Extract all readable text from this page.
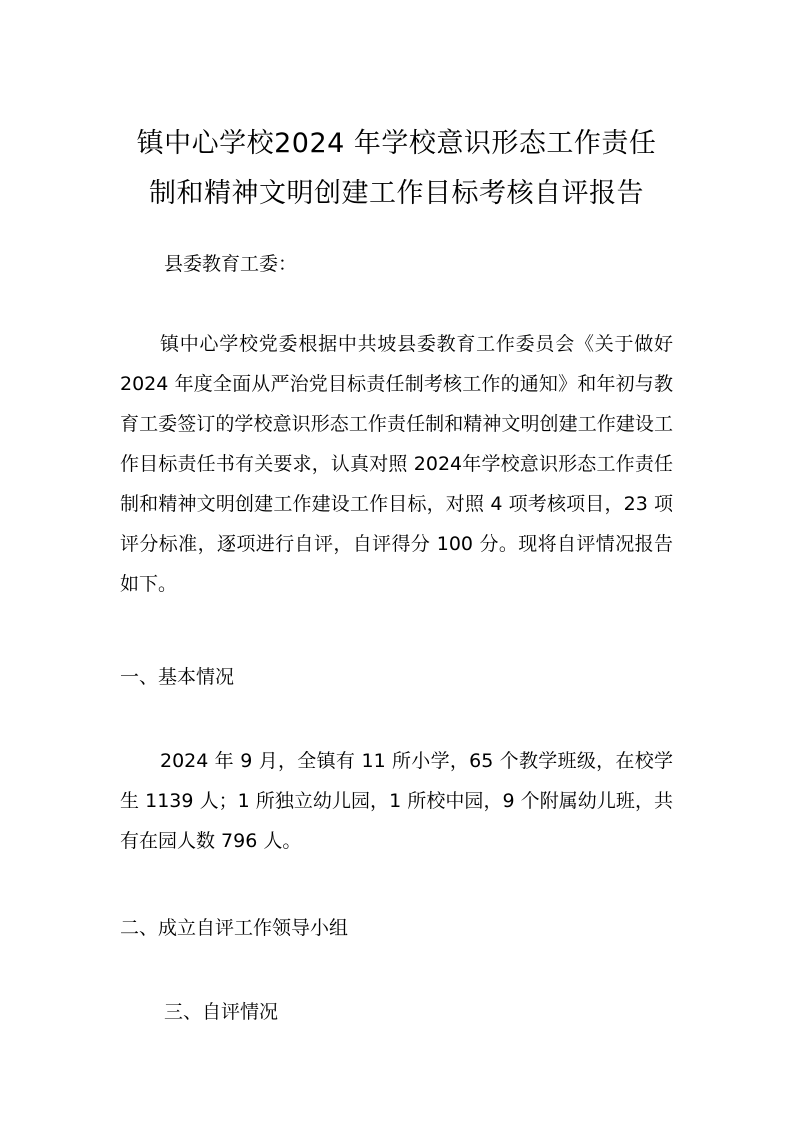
镇中心学校2024 年学校意识形态工作责任
制和精神文明创建工作目标考核自评报告

县委教育工委：

镇中心学校党委根据中共坡县委教育工作委员会《关于做好 2024 年度全面从严治党目标责任制考核工作的通知》和年初与教育工委签订的学校意识形态工作责任制和精神文明创建工作建设工作目标责任书有关要求，认真对照 2024年学校意识形态工作责任制和精神文明创建工作建设工作目标，对照 4 项考核项目，23 项评分标准，逐项进行自评，自评得分 100 分。现将自评情况报告如下。

一、基本情况

2024 年 9 月，全镇有 11 所小学，65 个教学班级，在校学生 1139 人；1 所独立幼儿园，1 所校中园，9 个附属幼儿班，共有在园人数 796 人。

二、成立自评工作领导小组

三、自评情况
